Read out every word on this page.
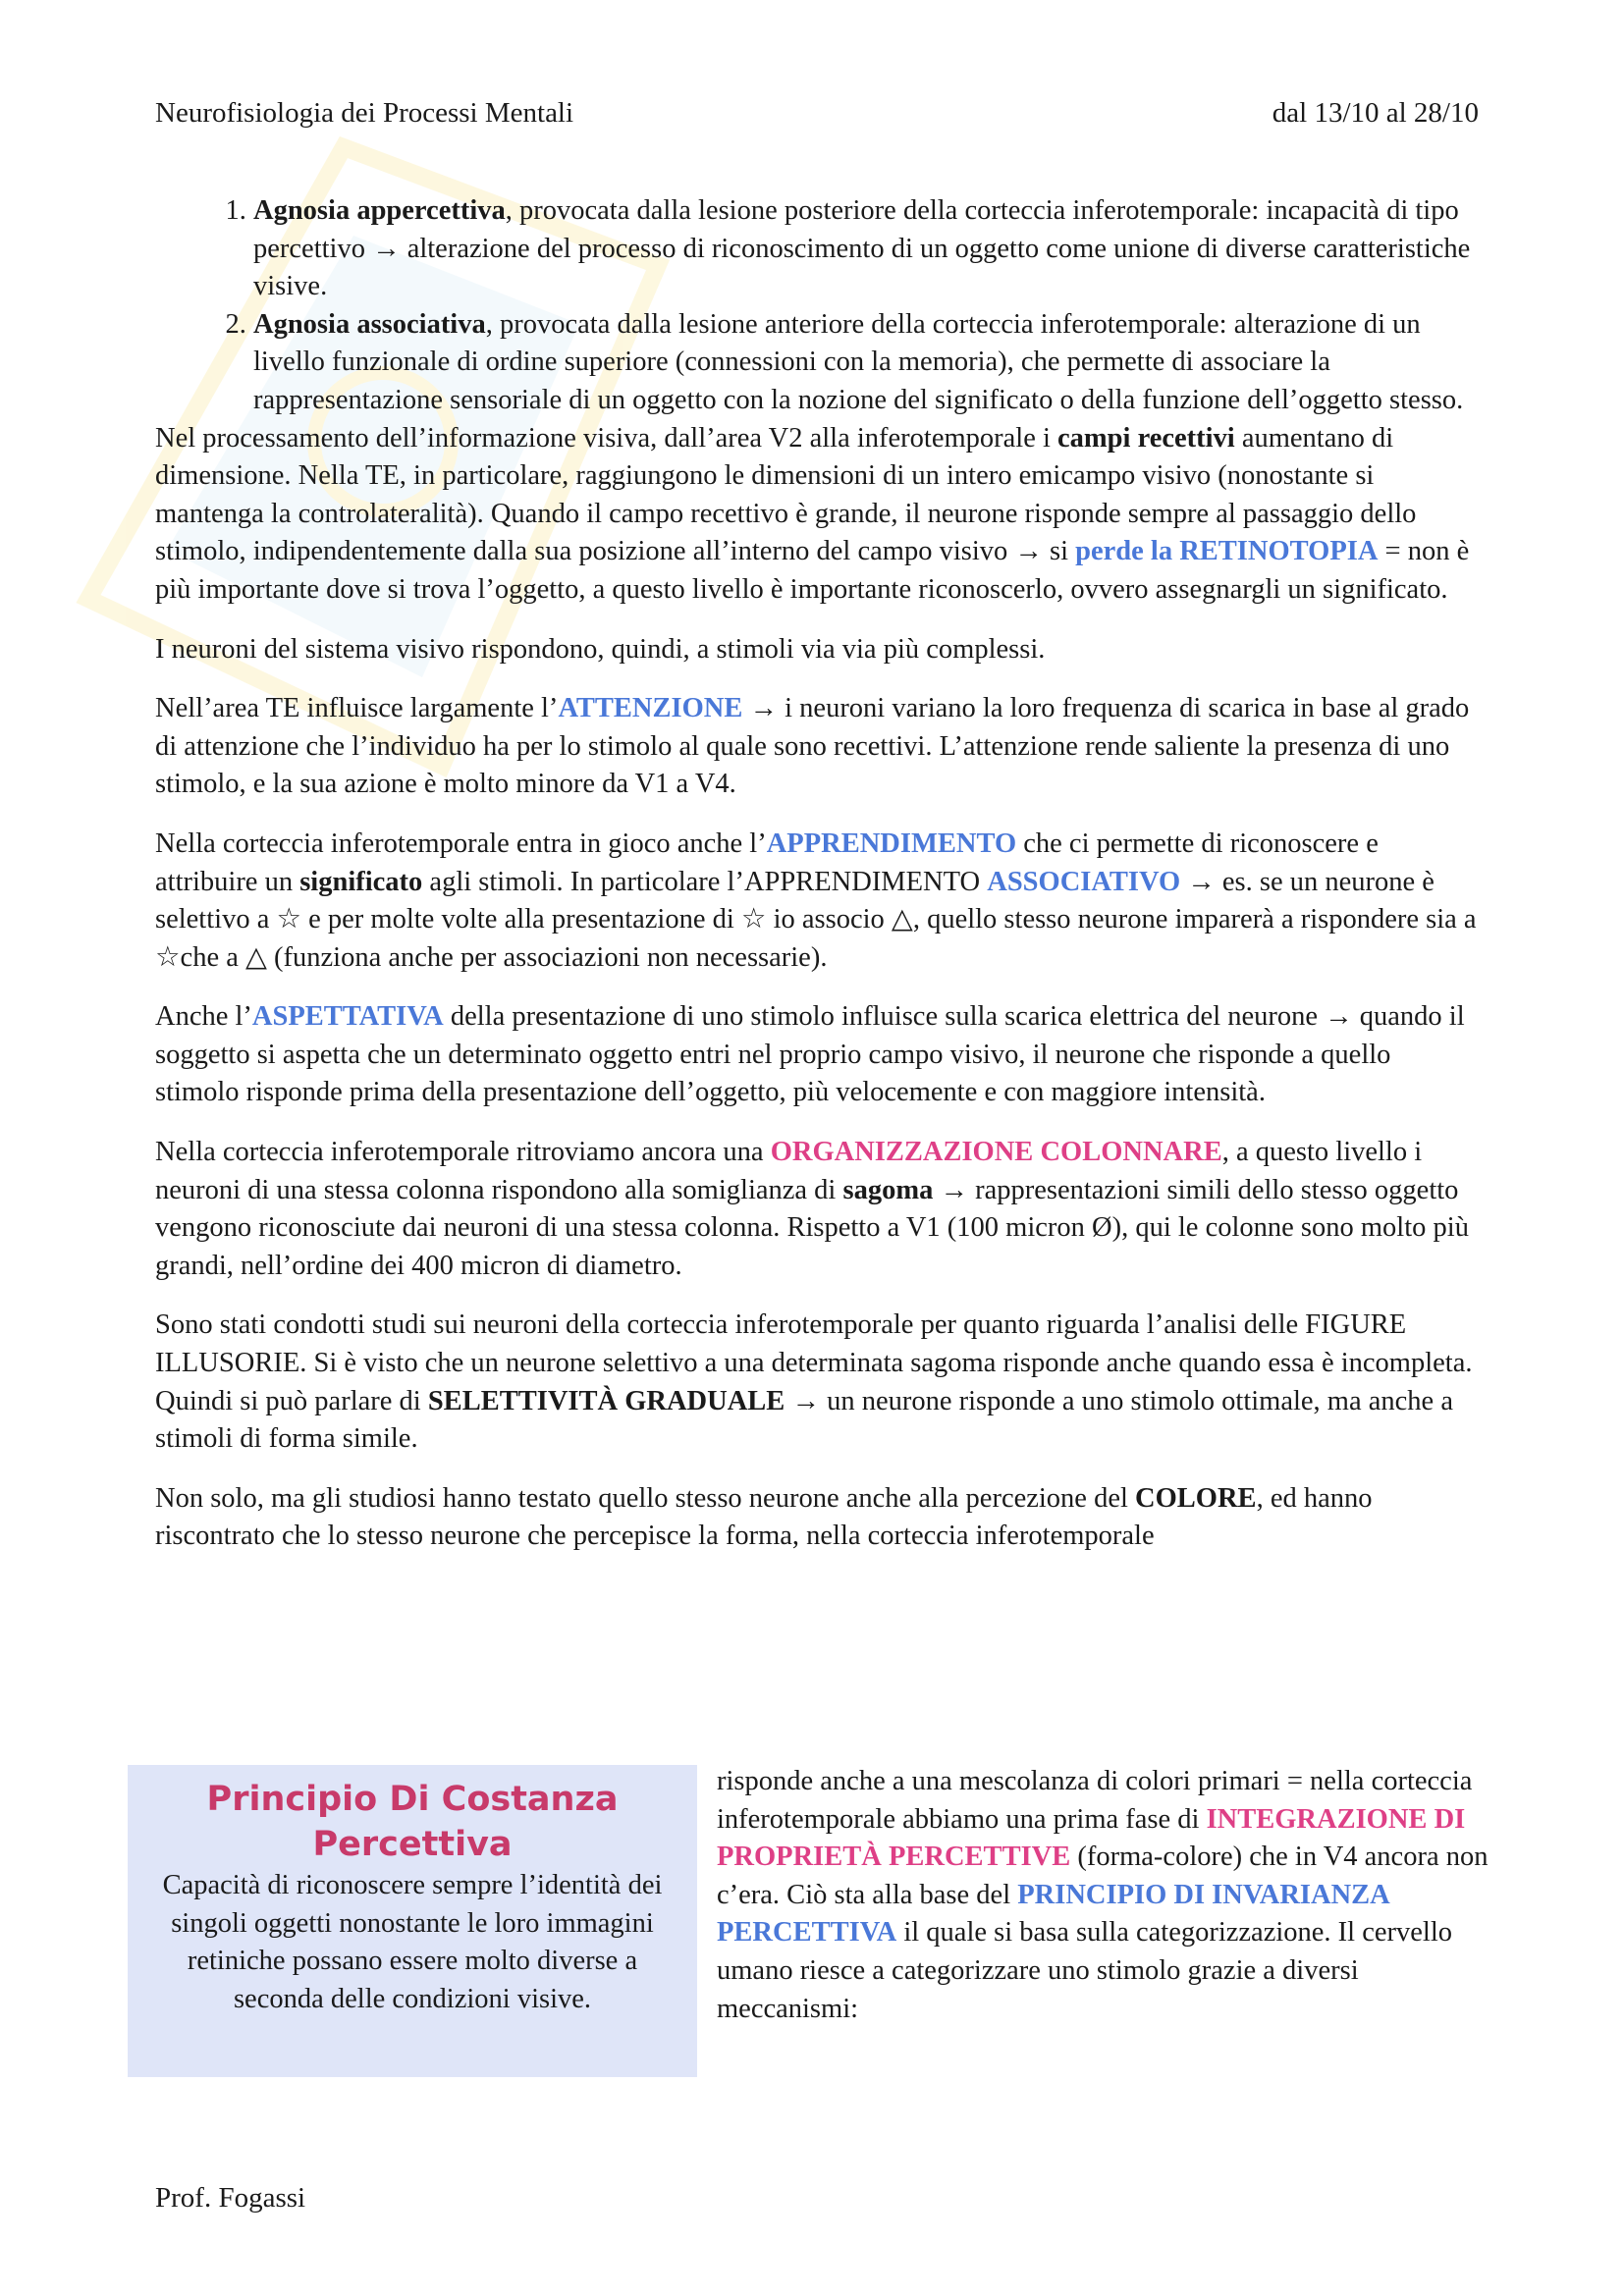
Neurofisiologia dei Processi Mentali	dal 13/10 al 28/10
1. Agnosia appercettiva, provocata dalla lesione posteriore della corteccia inferotemporale: incapacità di tipo percettivo → alterazione del processo di riconoscimento di un oggetto come unione di diverse caratteristiche visive.
2. Agnosia associativa, provocata dalla lesione anteriore della corteccia inferotemporale: alterazione di un livello funzionale di ordine superiore (connessioni con la memoria), che permette di associare la rappresentazione sensoriale di un oggetto con la nozione del significato o della funzione dell’oggetto stesso.

Nel processamento dell’informazione visiva, dall’area V2 alla inferotemporale i campi recettivi aumentano di dimensione. Nella TE, in particolare, raggiungono le dimensioni di un intero emicampo visivo (nonostante si mantenga la controlateralità). Quando il campo recettivo è grande, il neurone risponde sempre al passaggio dello stimolo, indipendentemente dalla sua posizione all’interno del campo visivo → si perde la RETINOTOPIA = non è più importante dove si trova l’oggetto, a questo livello è importante riconoscerlo, ovvero assegnargli un significato.

I neuroni del sistema visivo rispondono, quindi, a stimoli via via più complessi.

Nell’area TE influisce largamente l’ATTENZIONE → i neuroni variano la loro frequenza di scarica in base al grado di attenzione che l’individuo ha per lo stimolo al quale sono recettivi. L’attenzione rende saliente la presenza di uno stimolo, e la sua azione è molto minore da V1 a V4.

Nella corteccia inferotemporale entra in gioco anche l’APPRENDIMENTO che ci permette di riconoscere e attribuire un significato agli stimoli. In particolare l’APPRENDIMENTO ASSOCIATIVO → es. se un neurone è selettivo a ☆ e per molte volte alla presentazione di ☆ io associo △, quello stesso neurone imparerà a rispondere sia a ☆che a △ (funziona anche per associazioni non necessarie).

Anche l’ASPETTATIVA della presentazione di uno stimolo influisce sulla scarica elettrica del neurone → quando il soggetto si aspetta che un determinato oggetto entri nel proprio campo visivo, il neurone che risponde a quello stimolo risponde prima della presentazione dell’oggetto, più velocemente e con maggiore intensità.

Nella corteccia inferotemporale ritroviamo ancora una ORGANIZZAZIONE COLONNARE, a questo livello i neuroni di una stessa colonna rispondono alla somiglianza di sagoma → rappresentazioni simili dello stesso oggetto vengono riconosciute dai neuroni di una stessa colonna. Rispetto a V1 (100 micron Ø), qui le colonne sono molto più grandi, nell’ordine dei 400 micron di diametro.

Sono stati condotti studi sui neuroni della corteccia inferotemporale per quanto riguarda l’analisi delle FIGURE ILLUSORIE. Si è visto che un neurone selettivo a una determinata sagoma risponde anche quando essa è incompleta. Quindi si può parlare di SELETTIVITÀ GRADUALE → un neurone risponde a uno stimolo ottimale, ma anche a stimoli di forma simile.

Non solo, ma gli studiosi hanno testato quello stesso neurone anche alla percezione del COLORE, ed hanno riscontrato che lo stesso neurone che percepisce la forma, nella corteccia inferotemporale

Principio Di Costanza Percettiva
Capacità di riconoscere sempre l’identità dei singoli oggetti nonostante le loro immagini retiniche possano essere molto diverse a seconda delle condizioni visive.
risponde anche a una mescolanza di colori primari = nella corteccia inferotemporale abbiamo una prima fase di INTEGRAZIONE DI PROPRIETÀ PERCETTIVE (forma-colore) che in V4 ancora non c’era. Ciò sta alla base del PRINCIPIO DI INVARIANZA PERCETTIVA il quale si basa sulla categorizzazione. Il cervello umano riesce a categorizzare uno stimolo grazie a diversi meccanismi:
Prof. Fogassi
